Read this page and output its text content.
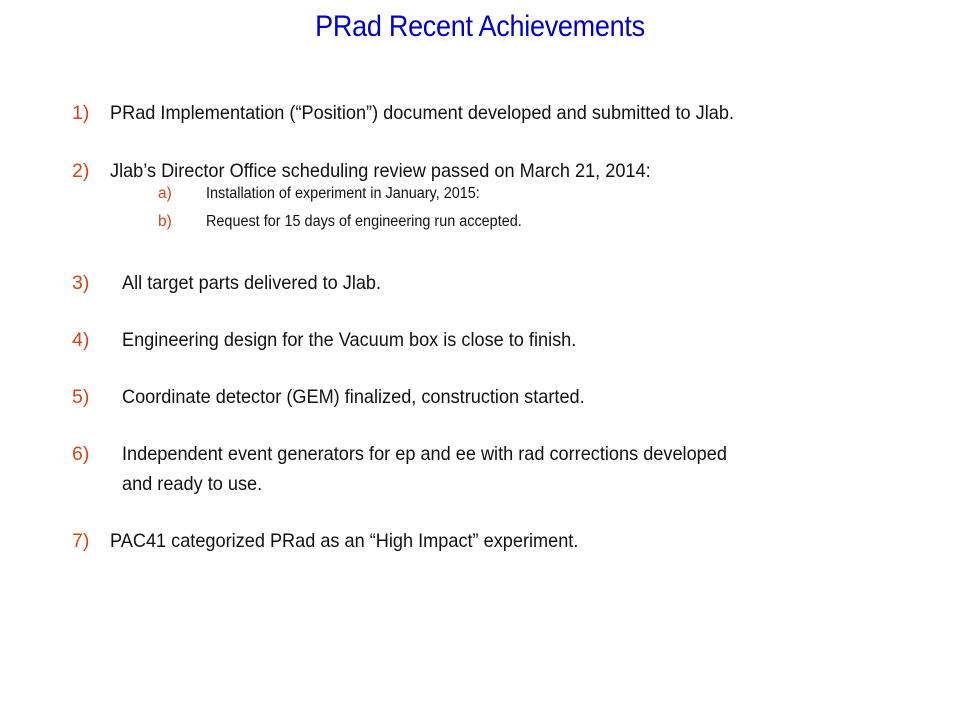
PRad Recent Achievements
1) PRad Implementation (“Position”) document developed and submitted to Jlab.
2) Jlab’s Director Office scheduling review passed on March 21, 2014:
a) Installation of experiment in January, 2015:
b) Request for 15 days of engineering run accepted.
3) All target parts delivered to Jlab.
4) Engineering design for the Vacuum box is close to finish.
5) Coordinate detector (GEM) finalized, construction started.
6) Independent event generators for ep and ee with rad corrections developed
and ready to use.
7) PAC41 categorized PRad as an “High Impact” experiment.
